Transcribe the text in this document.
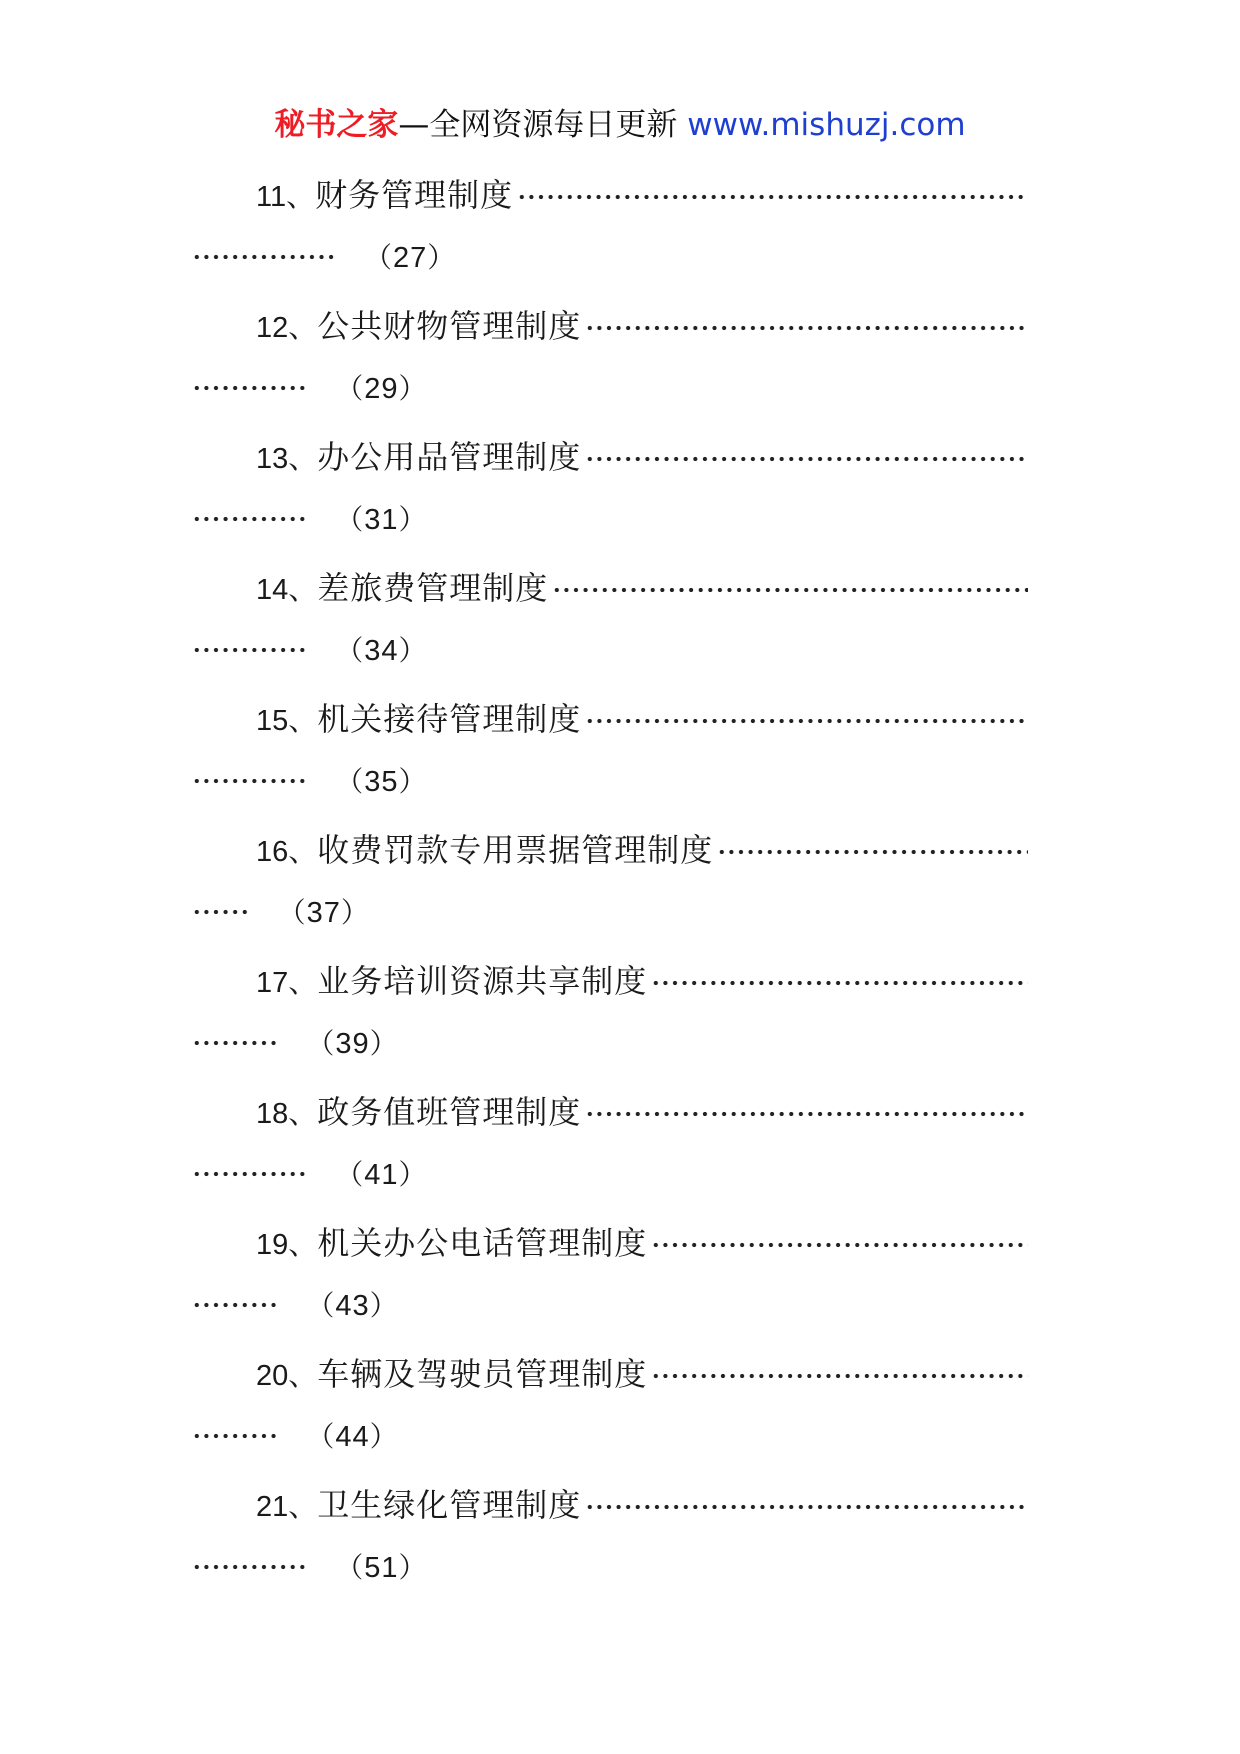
秘书之家—全网资源每日更新 www.mishuzj.com
11、 财务管理制度
（27）
12、 公共财物管理制度
（29）
13、 办公用品管理制度
（31）
14、 差旅费管理制度
（34）
15、 机关接待管理制度
（35）
16、 收费罚款专用票据管理制度
（37）
17、 业务培训资源共享制度
（39）
18、 政务值班管理制度
（41）
19、 机关办公电话管理制度
（43）
20、 车辆及驾驶员管理制度
（44）
21、 卫生绿化管理制度
（51）
